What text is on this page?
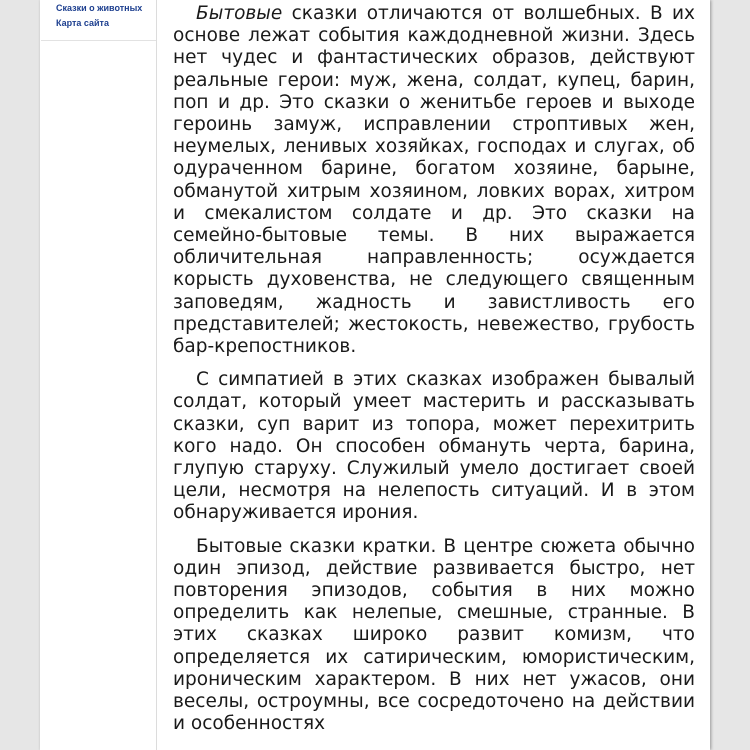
Сказки о животных
Карта сайта	Бытовые сказки отличаются от волшебных. В их основе лежат события каждодневной жизни. Здесь нет чудес и фантастических образов, действуют реальные герои: муж, жена, солдат, купец, барин, поп и др. Это сказки о женитьбе героев и выходе героинь замуж, исправлении строптивых жен, неумелых, ленивых хозяйках, господах и слугах, об одураченном барине, богатом хозяине, барыне, обманутой хитрым хозяином, ловких ворах, хитром и смекалистом солдате и др. Это сказки на семейно-бытовые темы. В них выражается обличительная направленность; осуждается корысть духовенства, не следующего священным заповедям, жадность и завистливость его представителей; жестокость, невежество, грубость бар-крепостников.

С симпатией в этих сказках изображен бывалый солдат, который умеет мастерить и рассказывать сказки, суп варит из топора, может перехитрить кого надо. Он способен обмануть черта, барина, глупую старуху. Служилый умело достигает своей цели, несмотря на нелепость ситуаций. И в этом обнаруживается ирония.

Бытовые сказки кратки. В центре сюжета обычно один эпизод, действие развивается быстро, нет повторения эпизодов, события в них можно определить как нелепые, смешные, странные. В этих сказках широко развит комизм, что определяется их сатирическим, юмористическим, ироническим характером. В них нет ужасов, они веселы, остроумны, все сосредоточено на действии и особенностях
